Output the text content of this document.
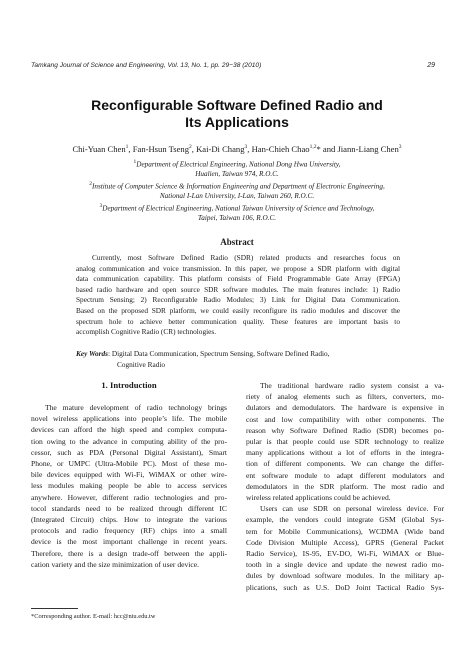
Tamkang Journal of Science and Engineering, Vol. 13, No. 1, pp. 29−38 (2010)	29
Reconfigurable Software Defined Radio and
Its Applications
Chi-Yuan Chen$^1$, Fan-Hsun Tseng$^2$, Kai-Di Chang$^3$, Han-Chieh Chao$^{1,2}$* and Jiann-Liang Chen$^3$
$^1$Department of Electrical Engineering, National Dong Hwa University,
Hualien, Taiwan 974, R.O.C.
$^2$Institute of Computer Science & Information Engineering and Department of Electronic Engineering,
National I-Lan University, I-Lan, Taiwan 260, R.O.C.
$^3$Department of Electrical Engineering, National Taiwan University of Science and Technology,
Taipei, Taiwan 106, R.O.C.
Abstract
Currently, most Software Defined Radio (SDR) related products and researches focus on
analog communication and voice transmission. In this paper, we propose a SDR platform with digital
data communication capability. This platform consists of Field Programmable Gate Array (FPGA)
based radio hardware and open source SDR software modules. The main features include: 1) Radio
Spectrum Sensing; 2) Reconfigurable Radio Modules; 3) Link for Digital Data Communication.
Based on the proposed SDR platform, we could easily reconfigure its radio modules and discover the
spectrum hole to achieve better communication quality. These features are important basis to
accomplish Cognitive Radio (CR) technologies.
Key Words: Digital Data Communication, Spectrum Sensing, Software Defined Radio,
Cognitive Radio
1. Introduction
The mature development of radio technology brings
novel wireless applications into people’s life. The mobile
devices can afford the high speed and complex computa-
tion owing to the advance in computing ability of the pro-
cessor, such as PDA (Personal Digital Assistant), Smart
Phone, or UMPC (Ultra-Mobile PC). Most of these mo-
bile devices equipped with Wi-Fi, WiMAX or other wire-
less modules making people be able to access services
anywhere. However, different radio technologies and pro-
tocol standards need to be realized through different IC
(Integrated Circuit) chips. How to integrate the various
protocols and radio frequency (RF) chips into a small
device is the most important challenge in recent years.
Therefore, there is a design trade-off between the appli-
cation variety and the size minimization of user device.
The traditional hardware radio system consist a va-
riety of analog elements such as filters, converters, mo-
dulators and demodulators. The hardware is expensive in
cost and low compatibility with other components. The
reason why Software Defined Radio (SDR) becomes po-
pular is that people could use SDR technology to realize
many applications without a lot of efforts in the integra-
tion of different components. We can change the differ-
ent software module to adapt different modulators and
demodulators in the SDR platform. The most radio and
wireless related applications could be achieved.
Users can use SDR on personal wireless device. For
example, the vendors could integrate GSM (Global Sys-
tem for Mobile Communications), WCDMA (Wide band
Code Division Multiple Access), GPRS (General Packet
Radio Service), IS-95, EV-DO, Wi-Fi, WiMAX or Blue-
tooth in a single device and update the newest radio mo-
dules by download software modules. In the military ap-
plications, such as U.S. DoD Joint Tactical Radio Sys-
*Corresponding author. E-mail: hcc@niu.edu.tw
